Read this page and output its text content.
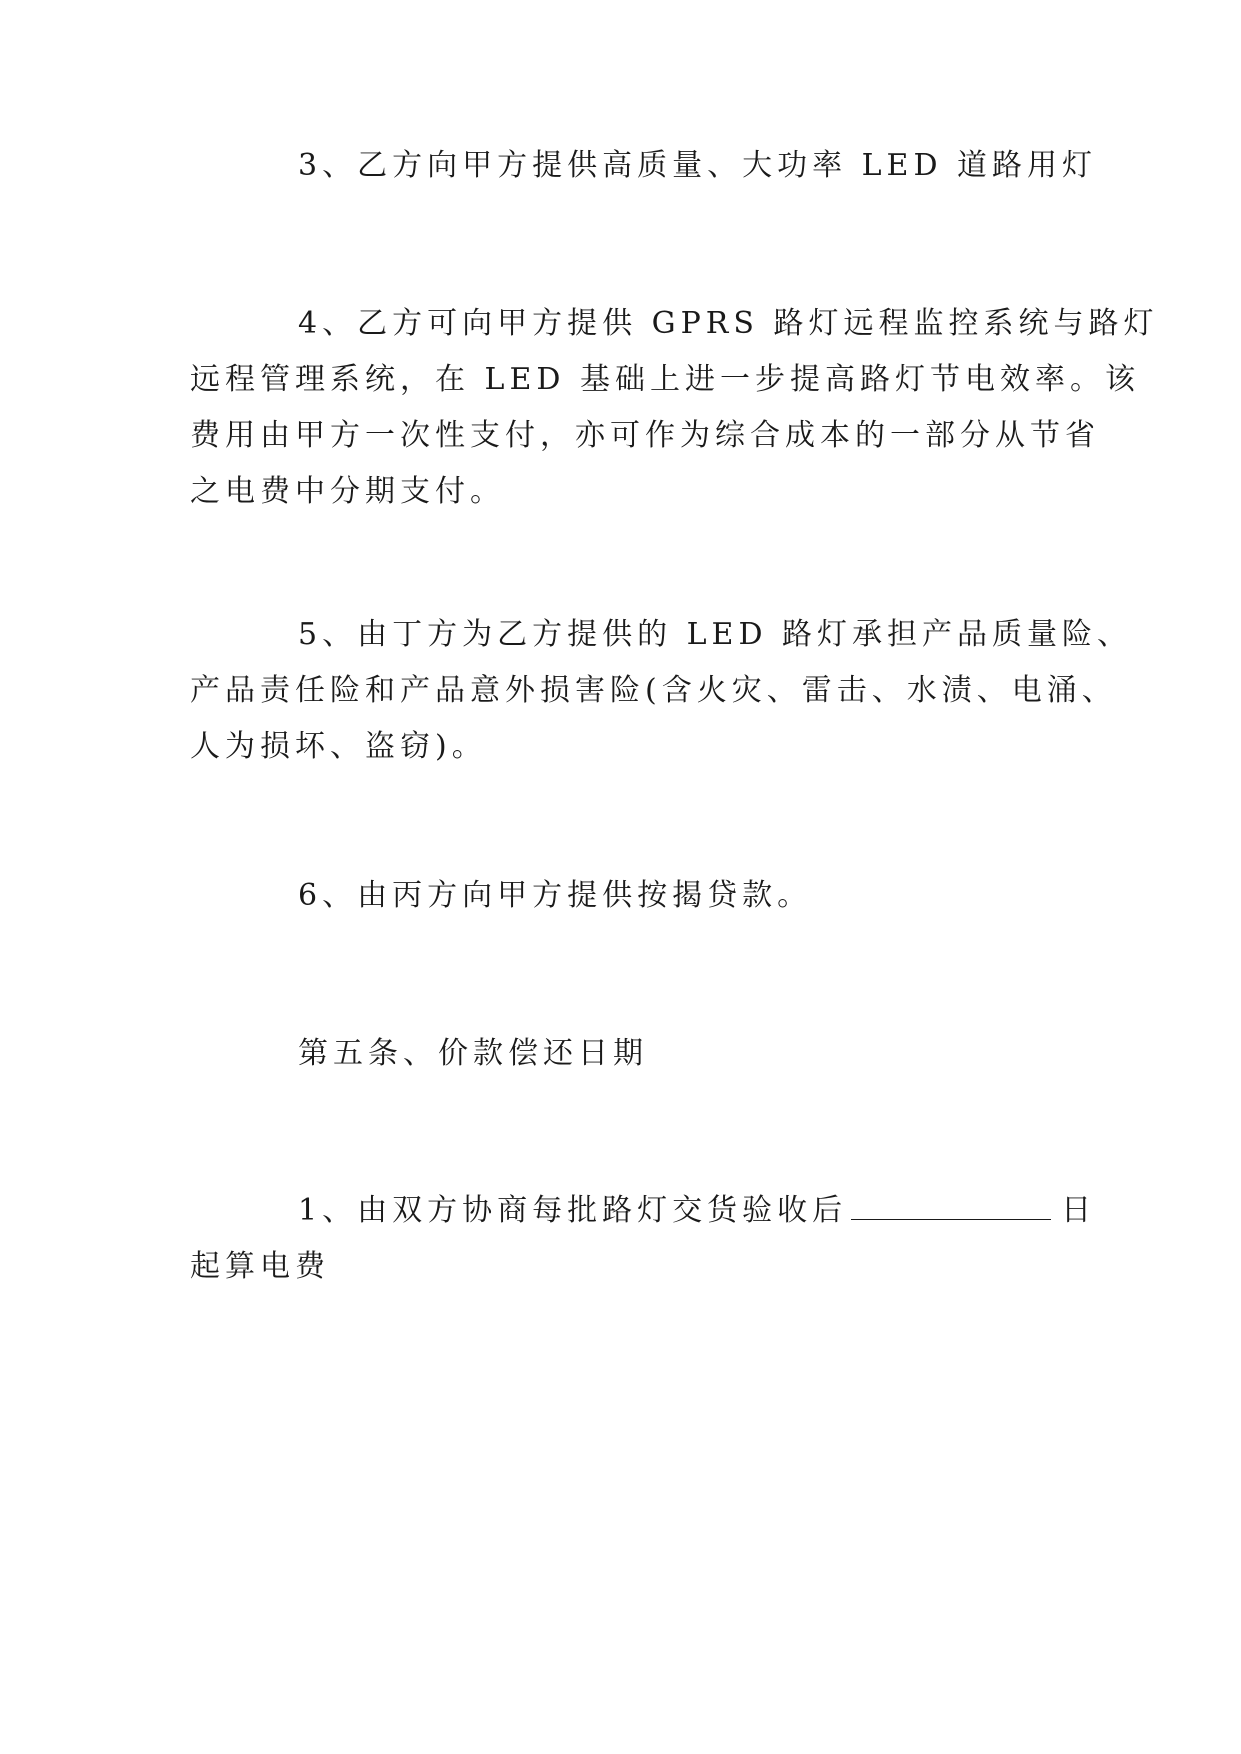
3、乙方向甲方提供高质量、大功率 LED 道路用灯

4、乙方可向甲方提供 GPRS 路灯远程监控系统与路灯
远程管理系统，在 LED 基础上进一步提高路灯节电效率。该
费用由甲方一次性支付，亦可作为综合成本的一部分从节省
之电费中分期支付。

5、由丁方为乙方提供的 LED 路灯承担产品质量险、
产品责任险和产品意外损害险(含火灾、雷击、水渍、电涌、
人为损坏、盗窃)。

6、由丙方向甲方提供按揭贷款。

第五条、价款偿还日期

1、由双方协商每批路灯交货验收后	日
起算电费
